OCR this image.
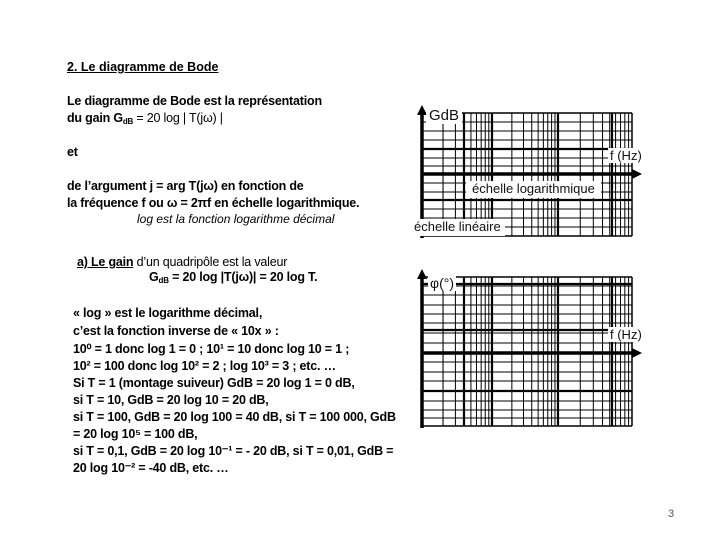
2. Le diagramme de Bode
Le diagramme de Bode est la représentation
du gain $G_{dB} = 20$ log | T(jω) |
et
de l’argument j = arg T(jω) en fonction de
la fréquence f ou ω = 2πf en échelle logarithmique.
log est la fonction logarithme décimal
a) Le gain d’un quadripôle est la valeur
$G_{dB} = 20$ log |T(jω)| = 20 log T.
« log » est le logarithme décimal,
c’est la fonction inverse de « 10x » :
10⁰ = 1 donc log 1 = 0 ; 10¹ = 10 donc log 10 = 1 ;
10² = 100 donc log 10² = 2 ; log 10³ = 3 ; etc. …
Si T = 1 (montage suiveur) GdB = 20 log 1 = 0 dB,
si T = 10, GdB = 20 log 10 = 20 dB,
si T = 100, GdB = 20 log 100 = 40 dB, si T = 100 000, GdB
= 20 log 10⁵ = 100 dB,
si T = 0,1, GdB = 20 log 10⁻¹ = - 20 dB, si T = 0,01, GdB =
20 log 10⁻² = -40 dB, etc. …
GdB
f (Hz)
échelle logarithmique
échelle linéaire
φ(°)
f (Hz)
3
